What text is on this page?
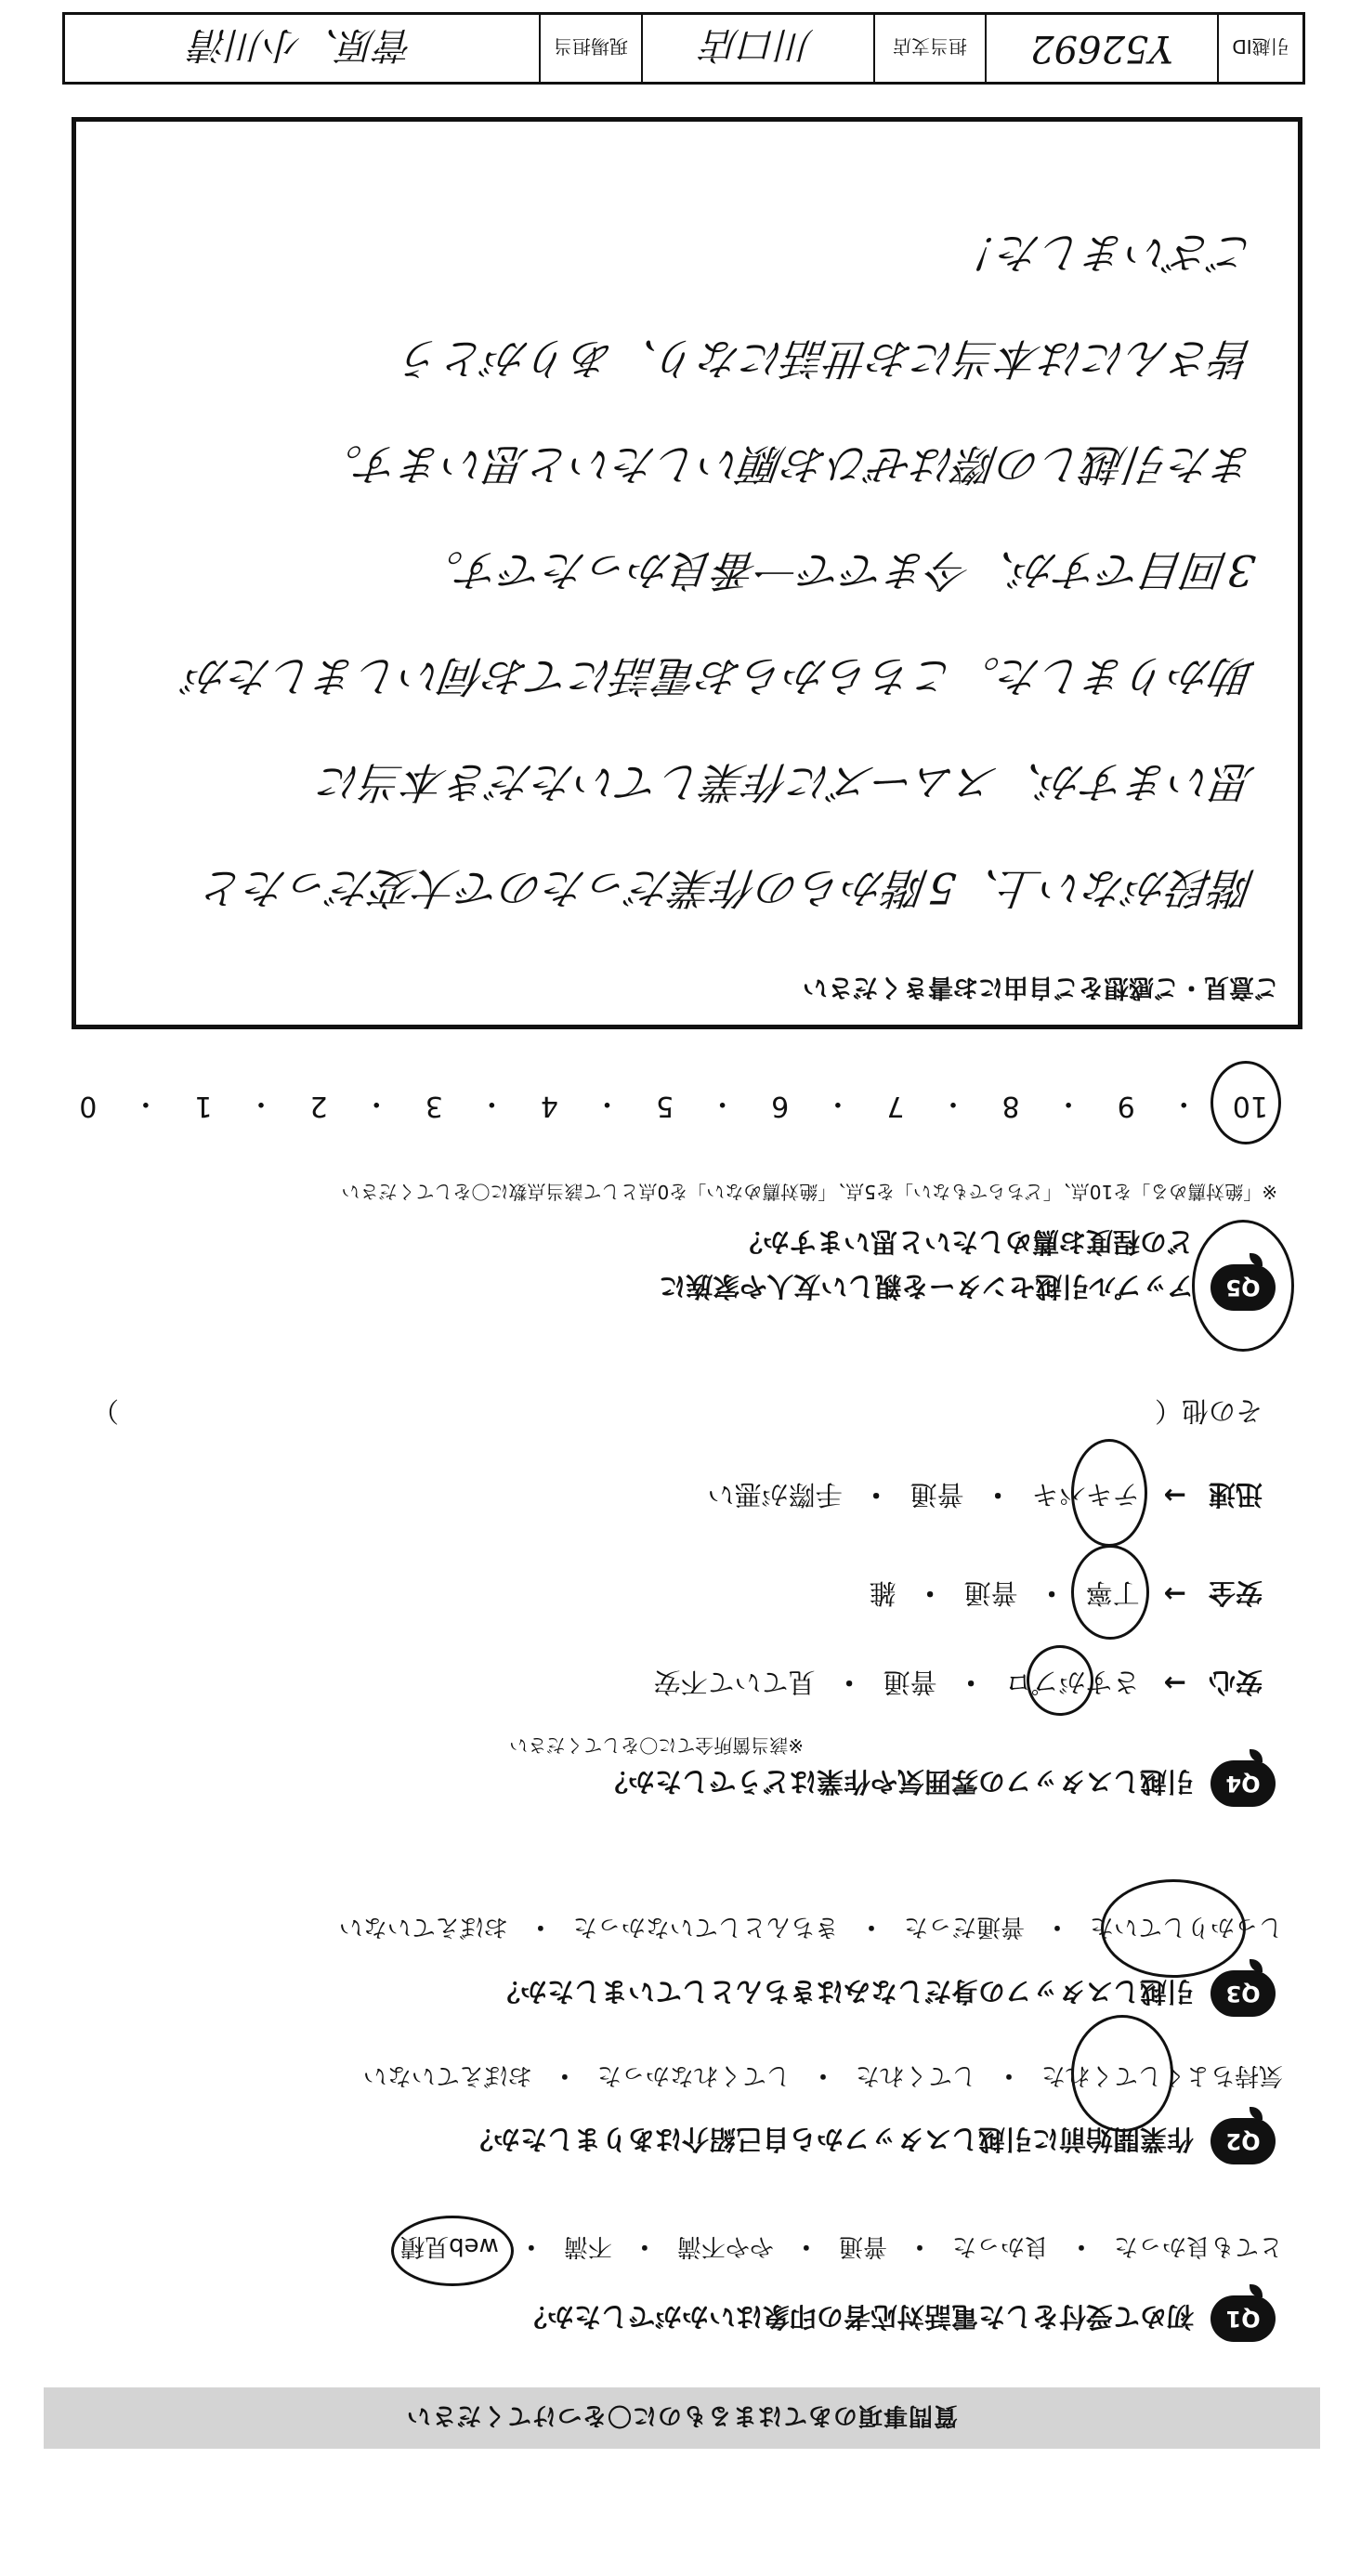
質問事項のあてはまるものに〇をつけてください
Q1
初めて受付をした電話対応者の印象はいかがでしたか？
とても良かった
・
良かった
・
普通
・
やや不満
・
不満
・
web見積
Q2
作業開始前に引越しスタッフから自己紹介はありましたか？
気持ちよくしてくれた
・
してくれた
・
してくれなかった
・
おぼえていない
Q3
引越しスタッフの身だしなみはきちんとしていましたか？
しっかりしていた
・
普通だった
・
きちんとしていなかった
・
おぼえていない
Q4
引越しスタッフの雰囲気や作業はどうでしたか？
※該当箇所全てに〇をしてください
安心
→
さすがプロ
・
普通
・
見ていて不安
安全
→
丁寧
・
普通
・
雑
迅速
→
テキパキ
・
普通
・
手際が悪い
その他（
）
Q5
アップル引越センターを親しい友人や家族に
どの程度お薦めしたいと思いますか？
※「絶対薦める」を10点、「どちらでもない」を5点、「絶対薦めない」を0点として該当点数に〇をしてください
10
・
9
・
8
・
7
・
6
・
5
・
4
・
3
・
2
・
1
・
0
ご意見・ご感想をご自由にお書きください
階段がない上、5階からの作業だったので大変だったと
思いますが、スムーズに作業していただき本当に
助かりました。こちらからお電話にてお伺いしましたが
3回目ですが、今までで一番良かったです。
また引越しの際はぜひお願いしたいと思います。
皆さんには本当にお世話になり、ありがとう
ございました！
引越ID
Y52692
担当支店
川口店
現場担当
菅原、小川清
